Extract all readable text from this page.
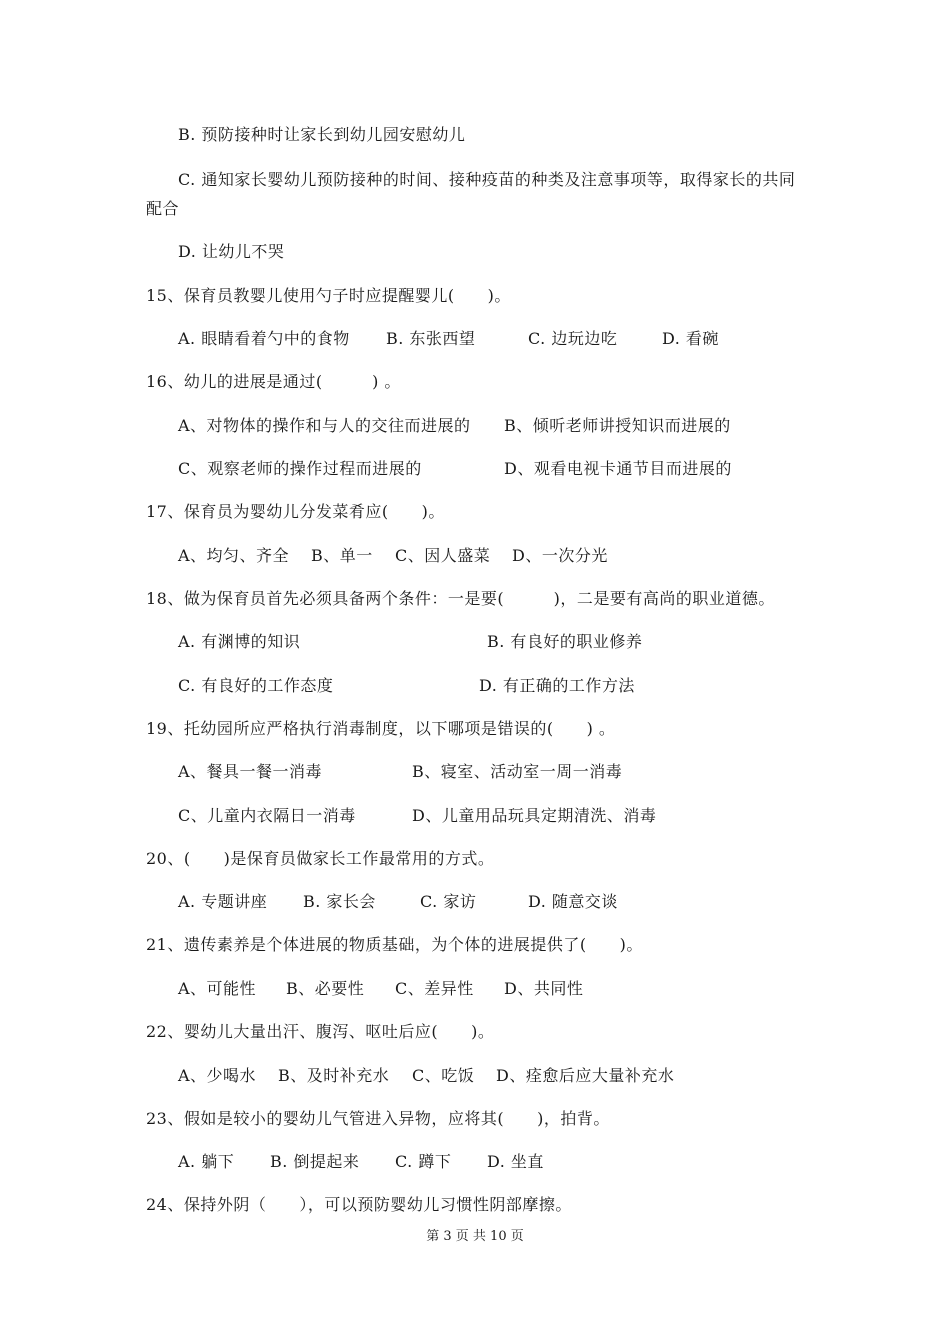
B. 预防接种时让家长到幼儿园安慰幼儿
C. 通知家长婴幼儿预防接种的时间、接种疫苗的种类及注意事项等，取得家长的共同
配合
D. 让幼儿不哭
15、保育员教婴儿使用勺子时应提醒婴儿(　　)。
A. 眼睛看着勺中的食物 B. 东张西望	C. 边玩边吃	D. 看碗
16、幼儿的进展是通过(　　　) 。
A、对物体的操作和与人的交往而进展的 B、倾听老师讲授知识而进展的
C、观察老师的操作过程而进展的	D、观看电视卡通节目而进展的
17、保育员为婴幼儿分发菜肴应(　　)。
A、均匀、齐全 B、单一 C、因人盛菜 D、一次分光
18、做为保育员首先必须具备两个条件：一是要(　　　)，二是要有高尚的职业道德。
A. 有渊博的知识	B. 有良好的职业修养
C. 有良好的工作态度	D. 有正确的工作方法
19、托幼园所应严格执行消毒制度，以下哪项是错误的(　　) 。
A、餐具一餐一消毒	B、寝室、活动室一周一消毒
C、儿童内衣隔日一消毒	D、儿童用品玩具定期清洗、消毒
20、(　　)是保育员做家长工作最常用的方式。
A. 专题讲座 B. 家长会	C. 家访	D. 随意交谈
21、遗传素养是个体进展的物质基础，为个体的进展提供了(　　)。
A、可能性 B、必要性 C、差异性 D、共同性
22、婴幼儿大量出汗、腹泻、呕吐后应(　　)。
A、少喝水 B、及时补充水 C、吃饭 D、痊愈后应大量补充水
23、假如是较小的婴幼儿气管进入异物，应将其(　　)，拍背。
A. 躺下 B. 倒提起来 C. 蹲下 D. 坐直
24、保持外阴（　　），可以预防婴幼儿习惯性阴部摩擦。
第 3 页 共 10 页
